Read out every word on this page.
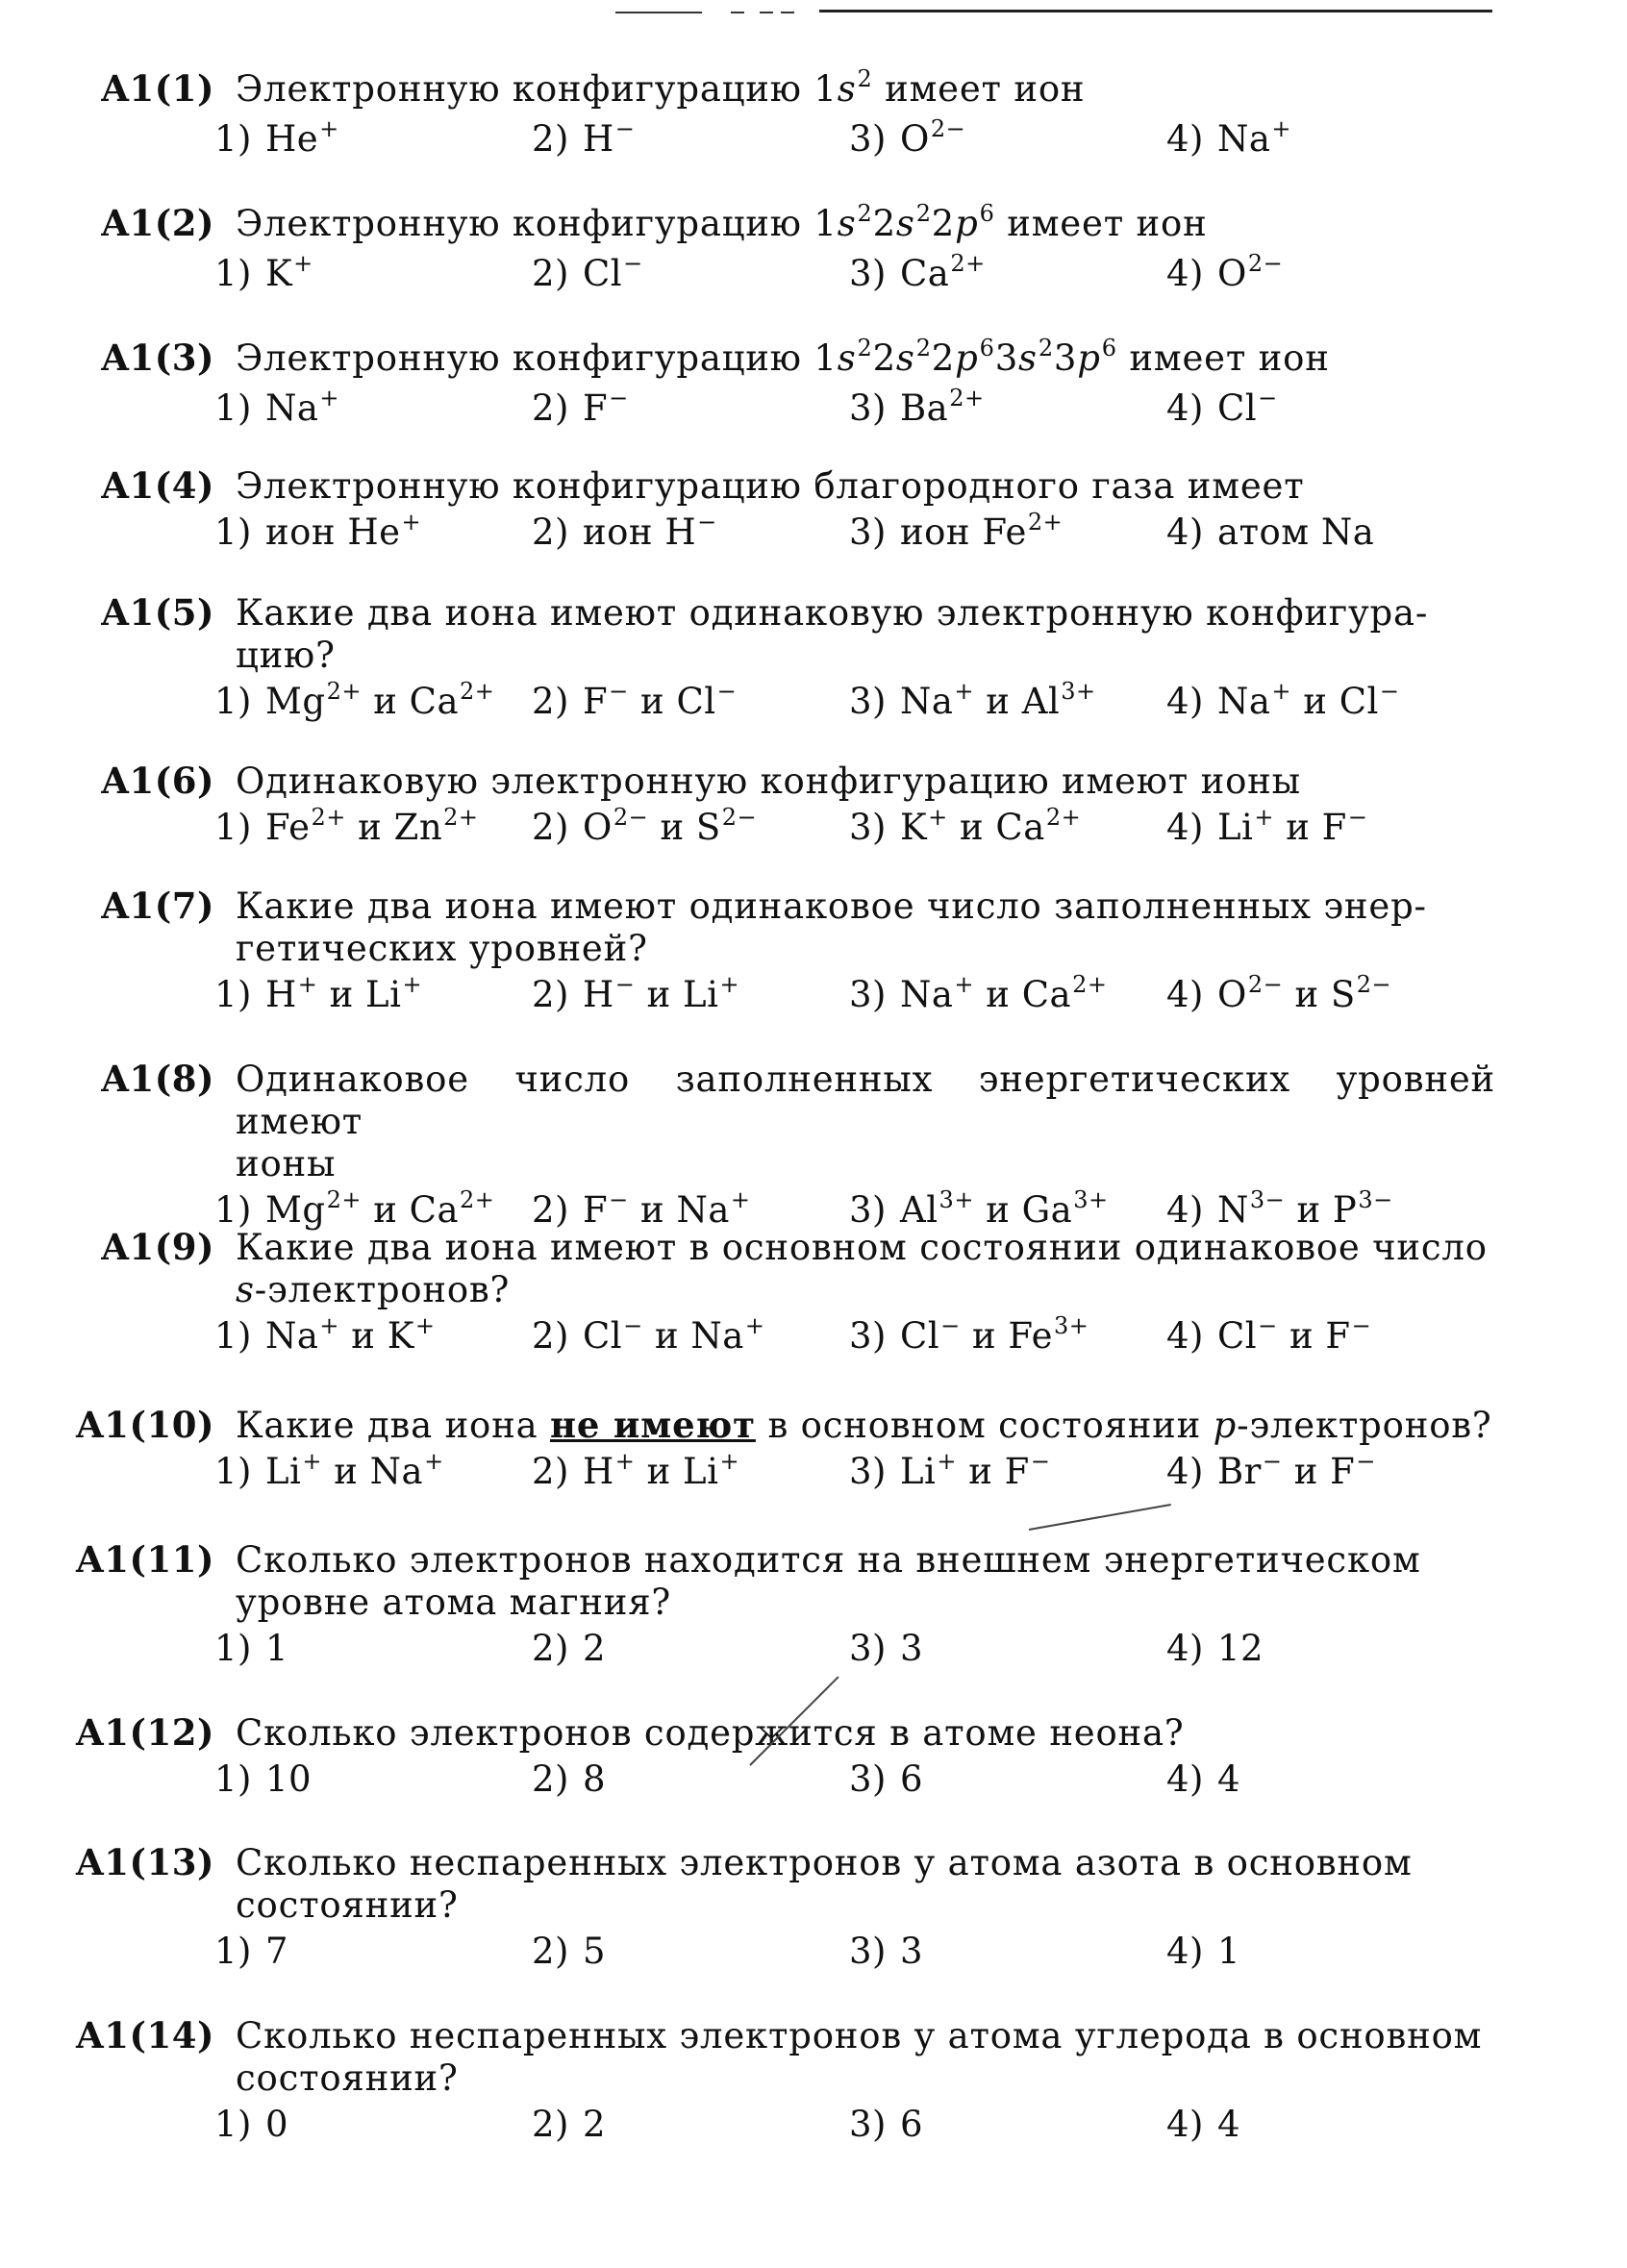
A1(1) Электронную конфигурацию $1s^2$ имеет ион
1) He+	2) H−	3) $O^{2-}$	4) Na+
A1(2) Электронную конфигурацию $1s^22s^22p^6$ имеет ион
1) K+	2) Cl−	3) $Ca^{2+}$	4) $O^{2-}$
A1(3) Электронную конфигурацию $1s^22s^22p^63s^23p^6$ имеет ион
1) Na+	2) F−	3) $Ba^{2+}$	4) Cl−
A1(4) Электронную конфигурацию благородного газа имеет
1) ион He+	2) ион H−	3) ион $Fe^{2+}$	4) атом Na
A1(5) Какие два иона имеют одинаковую электронную конфигура-
цию?
1) $Mg^{2+}$ и $Ca^{2+}$	2) F− и Cl−	3) Na+ и $Al^{3+}$	4) Na+ и Cl−
A1(6) Одинаковую электронную конфигурацию имеют ионы
1) $Fe^{2+}$ и $Zn^{2+}$	2) $O^{2-}$ и $S^{2-}$	3) K+ и $Ca^{2+}$	4) Li+ и F−
A1(7) Какие два иона имеют одинаковое число заполненных энер-
гетических уровней?
1) H+ и Li+	2) H− и Li+	3) Na+ и $Ca^{2+}$	4) $O^{2-}$ и $S^{2-}$
A1(8) Одинаковое число заполненных энергетических уровней имеют
ионы
1) $Mg^{2+}$ и $Ca^{2+}$	2) F− и Na+	3) $Al^{3+}$ и $Ga^{3+}$	4) $N^{3-}$ и $P^{3-}$
A1(9) Какие два иона имеют в основном состоянии одинаковое число
s-электронов?
1) Na+ и K+	2) Cl− и Na+	3) Cl− и $Fe^{3+}$	4) Cl− и F−
A1(10) Какие два иона не имеют в основном состоянии p-электронов?
1) Li+ и Na+	2) H+ и Li+	3) Li+ и F−	4) Br− и F−
A1(11) Сколько электронов находится на внешнем энергетическом
уровне атома магния?
1) 1	2) 2	3) 3	4) 12
A1(12) Сколько электронов содержится в атоме неона?
1) 10	2) 8	3) 6	4) 4
A1(13) Сколько неспаренных электронов у атома азота в основном
состоянии?
1) 7	2) 5	3) 3	4) 1
A1(14) Сколько неспаренных электронов у атома углерода в основном
состоянии?
1) 0	2) 2	3) 6	4) 4
